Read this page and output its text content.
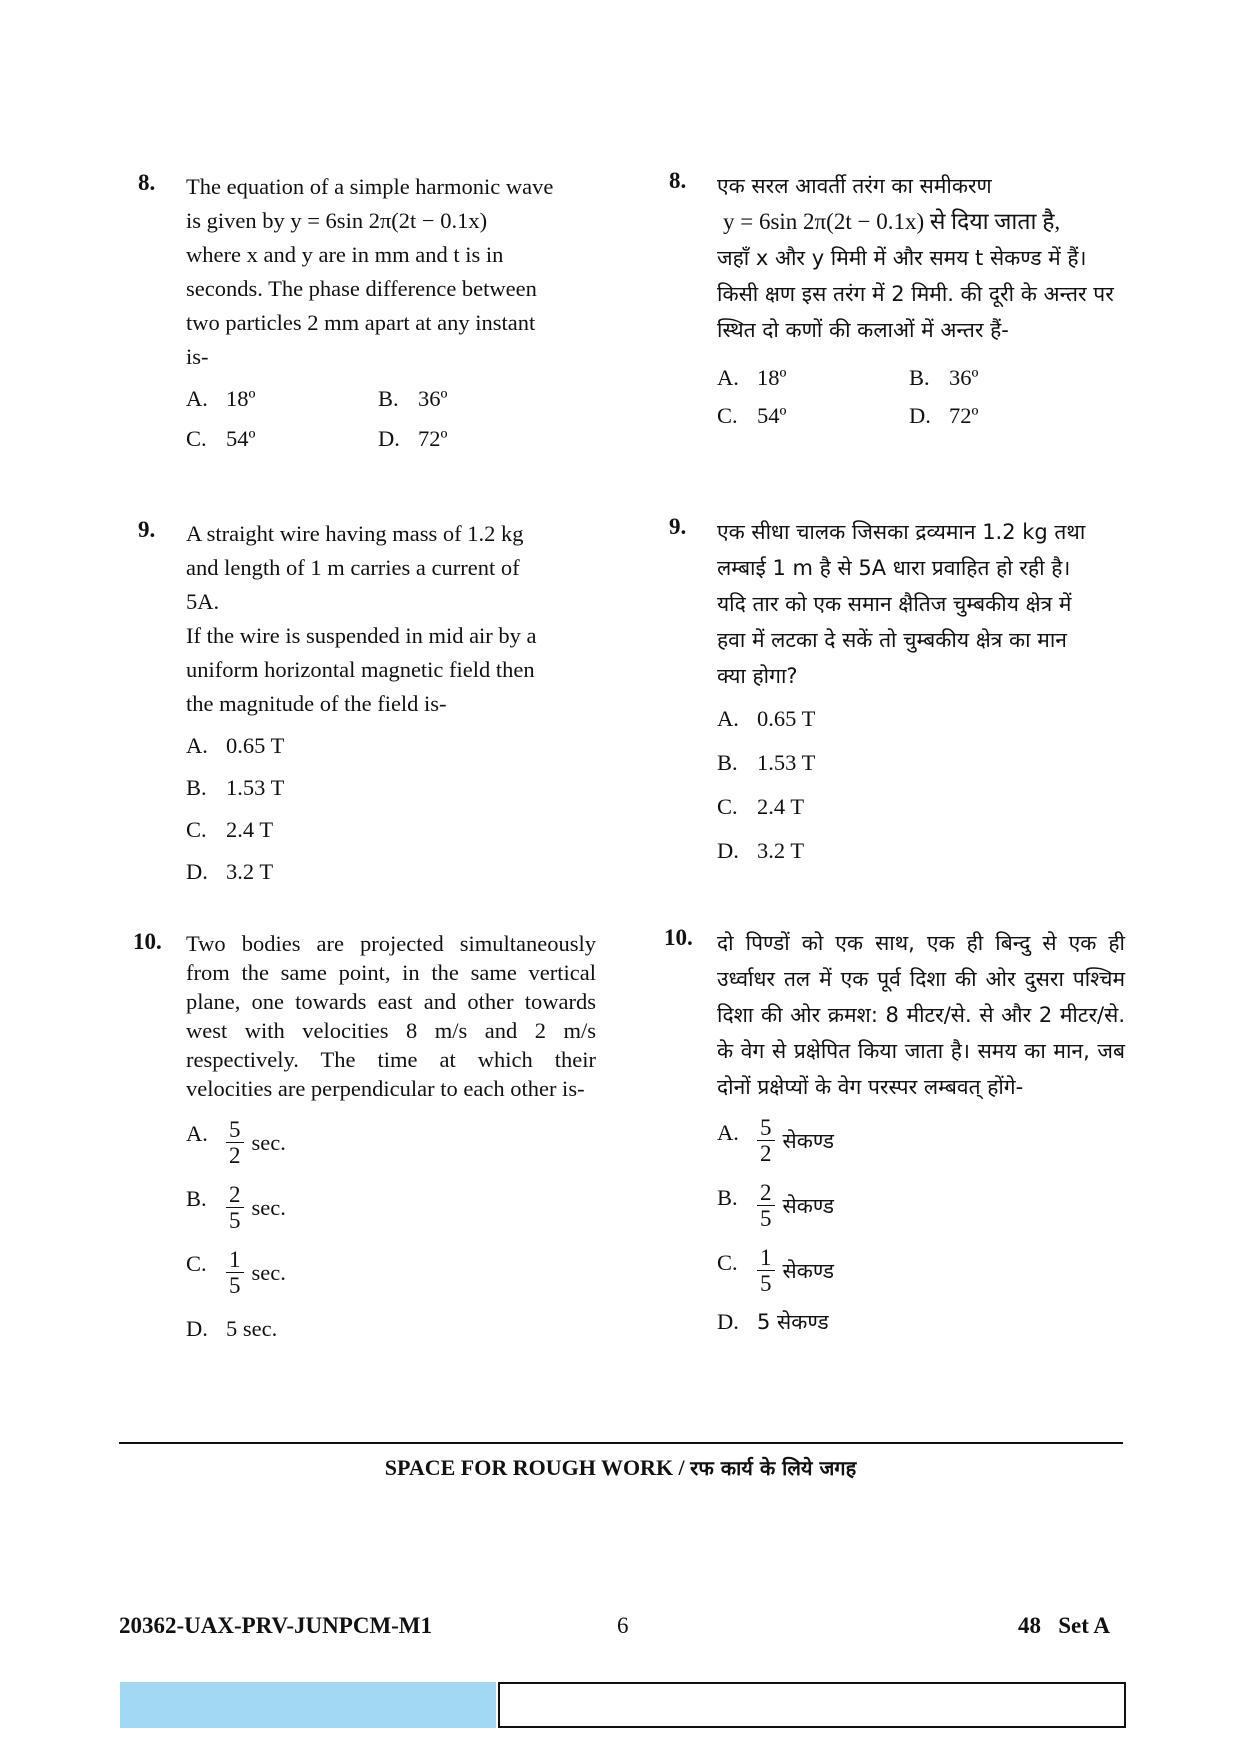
8. The equation of a simple harmonic wave
is given by y = 6sin 2π(2t − 0.1x)
where x and y are in mm and t is in
seconds. The phase difference between
two particles 2 mm apart at any instant
is-
A. 18º	B. 36º
C. 54º	D. 72º
9. A straight wire having mass of 1.2 kg
and length of 1 m carries a current of
5A.
If the wire is suspended in mid air by a
uniform horizontal magnetic field then
the magnitude of the field is-
A. 0.65 T
B. 1.53 T
C. 2.4 T
D. 3.2 T
10. Two bodies are projected simultaneously from the same point, in the same vertical plane, one towards east and other towards west with velocities 8 m/s and 2 m/s respectively. The time at which their velocities are perpendicular to each other is-
A. $\frac{5}{2} \sec$.
B. $\frac{2}{5} \sec$.
C. $\frac{1}{5} \sec$.
D. 5 sec.
8. एक सरल आवर्ती तरंग का समीकरण
y = 6sin 2π(2t − 0.1x) से दिया जाता है,
जहाँ x और y मिमी में और समय t सेकण्ड में हैं।
किसी क्षण इस तरंग में 2 मिमी. की दूरी के अन्तर पर
स्थित दो कणों की कलाओं में अन्तर हैं-
A. 18º	B. 36º
C. 54º	D. 72º
9. एक सीधा चालक जिसका द्रव्यमान 1.2 kg तथा
लम्बाई 1 m है से 5A धारा प्रवाहित हो रही है।
यदि तार को एक समान क्षैतिज चुम्बकीय क्षेत्र में
हवा में लटका दे सकें तो चुम्बकीय क्षेत्र का मान
क्या होगा?
A. 0.65 T
B. 1.53 T
C. 2.4 T
D. 3.2 T
10. दो पिण्डों को एक साथ, एक ही बिन्दु से एक ही उर्ध्वाधर तल में एक पूर्व दिशा की ओर दुसरा पश्चिम दिशा की ओर क्रमश: 8 मीटर/से. से और 2 मीटर/से. के वेग से प्रक्षेपित किया जाता है। समय का मान, जब दोनों प्रक्षेप्यों के वेग परस्पर लम्बवत् होंगे-
A. $\frac{5}{2}$ सेकण्ड
B. $\frac{2}{5}$ सेकण्ड
C. $\frac{1}{5}$ सेकण्ड
D. 5 सेकण्ड
SPACE FOR ROUGH WORK / रफ कार्य के लिये जगह
20362-UAX-PRV-JUNPCM-M1	6	48   Set A
